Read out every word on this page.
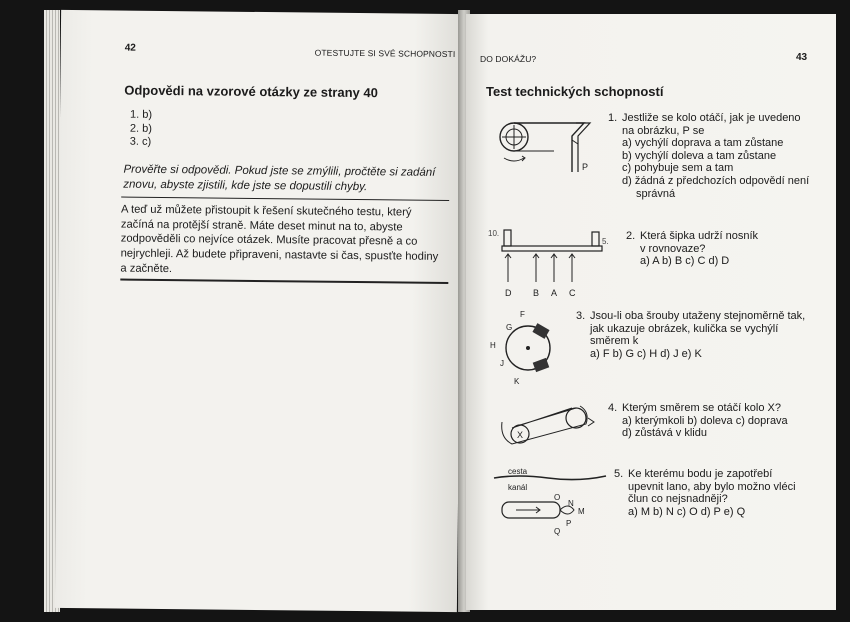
42	OTESTUJTE SI SVÉ SCHOPNOSTI
Odpovědi na vzorové otázky ze strany 40
1. b)
2. b)
3. c)
Prověřte si odpovědi. Pokud jste se zmýlili, pročtěte si zadání
znovu, abyste zjistili, kde jste se dopustili chyby.
A teď už můžete přistoupit k řešení skutečného testu, který
začíná na protější straně. Máte deset minut na to, abyste
zodpověděli co nejvíce otázek. Musíte pracovat přesně a co
nejrychleji. Až budete připraveni, nastavte si čas, spusťte hodiny
a začněte.
DO DOKÁŽU?	43
Test technických schopností
P
1. Jestliže se kolo otáčí, jak je uvedeno
na obrázku, P se
a) vychýlí doprava a tam zůstane
b) vychýlí doleva a tam zůstane
c) pohybuje sem a tam
d) žádná z předchozích odpovědí není
správná
10.
5.
D B A C
2. Která šipka udrží nosník
v rovnovaze?
a) A b) B c) C d) D
F
G
H
J
K
3. Jsou-li oba šrouby utaženy stejnoměrně tak,
jak ukazuje obrázek, kulička se vychýlí
směrem k
a) F b) G c) H d) J e) K
X
4. Kterým směrem se otáčí kolo X?
a) kterýmkoli b) doleva c) doprava
d) zůstává v klidu
cesta
kanál
O
N
M
P
Q
5. Ke kterému bodu je zapotřebí
upevnit lano, aby bylo možno vléci
člun co nejsnadněji?
a) M b) N c) O d) P e) Q
